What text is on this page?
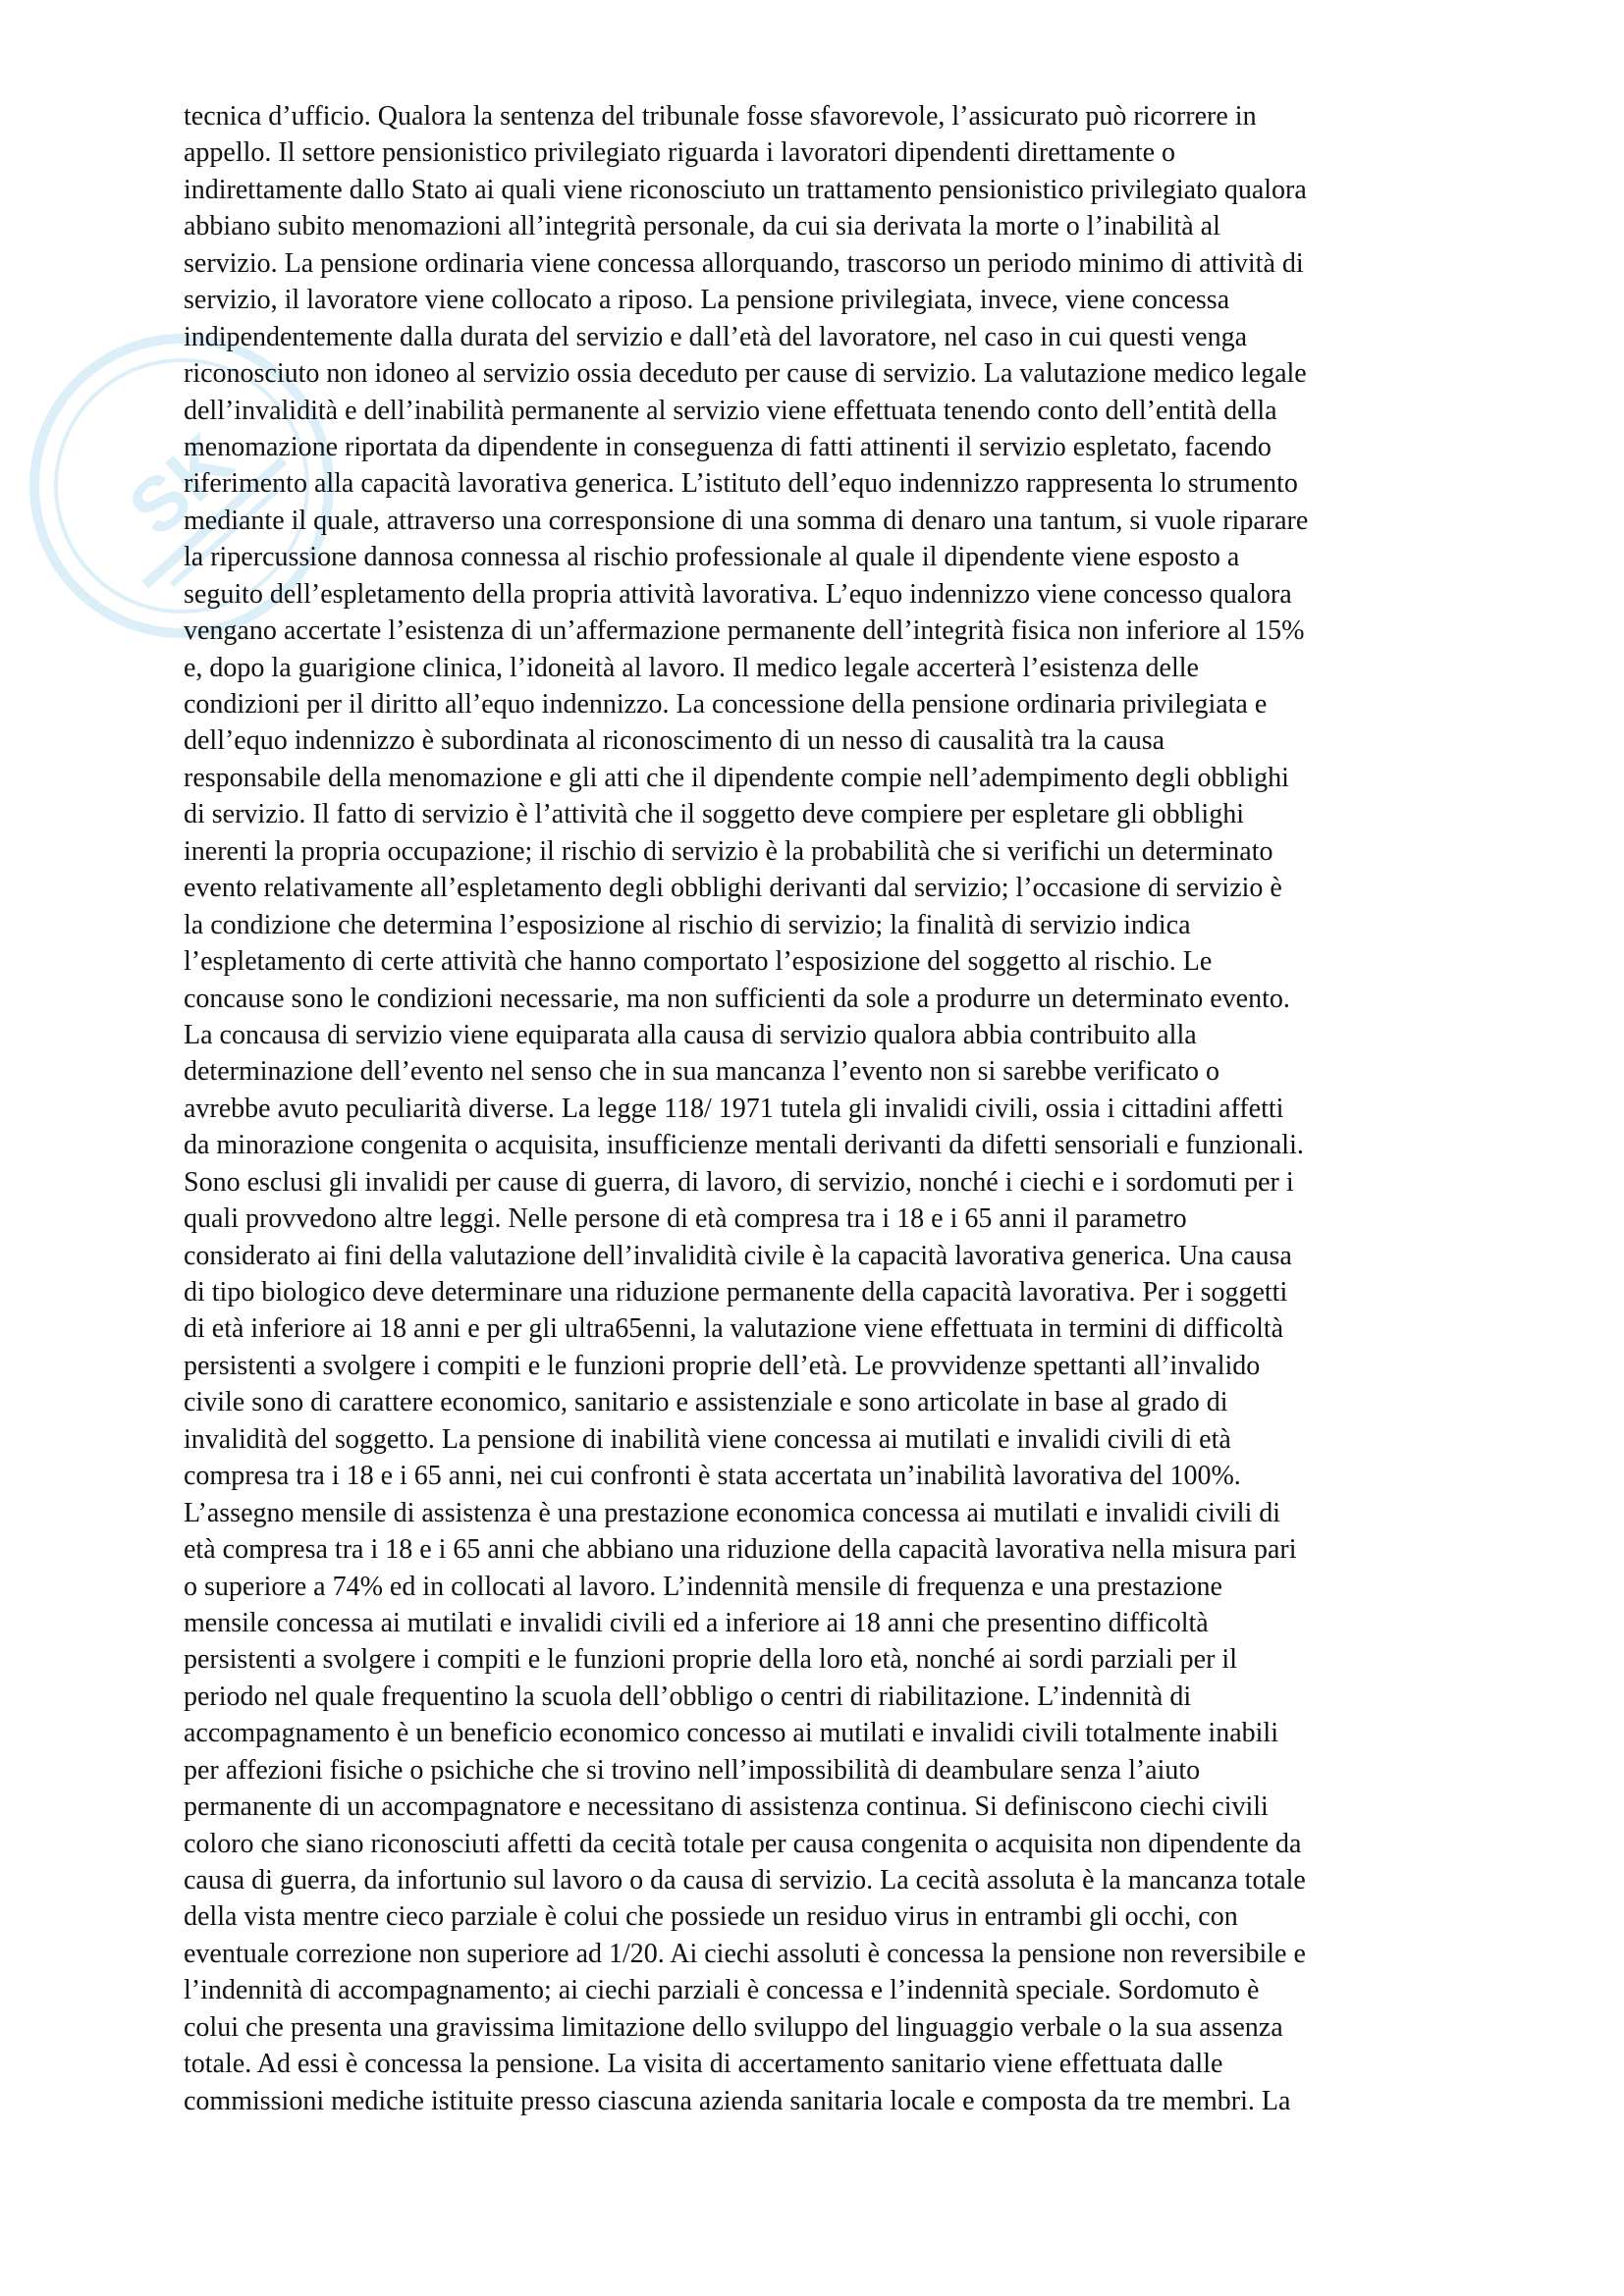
SK
tecnica d’ufficio. Qualora la sentenza del tribunale fosse sfavorevole, l’assicurato può ricorrere in
appello. Il settore pensionistico privilegiato riguarda i lavoratori dipendenti direttamente o
indirettamente dallo Stato ai quali viene riconosciuto un trattamento pensionistico privilegiato qualora
abbiano subito menomazioni all’integrità personale, da cui sia derivata la morte o l’inabilità al
servizio. La pensione ordinaria viene concessa allorquando, trascorso un periodo minimo di attività di
servizio, il lavoratore viene collocato a riposo. La pensione privilegiata, invece, viene concessa
indipendentemente dalla durata del servizio e dall’età del lavoratore, nel caso in cui questi venga
riconosciuto non idoneo al servizio ossia deceduto per cause di servizio. La valutazione medico legale
dell’invalidità e dell’inabilità permanente al servizio viene effettuata tenendo conto dell’entità della
menomazione riportata da dipendente in conseguenza di fatti attinenti il servizio espletato, facendo
riferimento alla capacità lavorativa generica. L’istituto dell’equo indennizzo rappresenta lo strumento
mediante il quale, attraverso una corresponsione di una somma di denaro una tantum, si vuole riparare
la ripercussione dannosa connessa al rischio professionale al quale il dipendente viene esposto a
seguito dell’espletamento della propria attività lavorativa. L’equo indennizzo viene concesso qualora
vengano accertate l’esistenza di un’affermazione permanente dell’integrità fisica non inferiore al 15%
e, dopo la guarigione clinica, l’idoneità al lavoro. Il medico legale accerterà l’esistenza delle
condizioni per il diritto all’equo indennizzo. La concessione della pensione ordinaria privilegiata e
dell’equo indennizzo è subordinata al riconoscimento di un nesso di causalità tra la causa
responsabile della menomazione e gli atti che il dipendente compie nell’adempimento degli obblighi
di servizio. Il fatto di servizio è l’attività che il soggetto deve compiere per espletare gli obblighi
inerenti la propria occupazione; il rischio di servizio è la probabilità che si verifichi un determinato
evento relativamente all’espletamento degli obblighi derivanti dal servizio; l’occasione di servizio è
la condizione che determina l’esposizione al rischio di servizio; la finalità di servizio indica
l’espletamento di certe attività che hanno comportato l’esposizione del soggetto al rischio. Le
concause sono le condizioni necessarie, ma non sufficienti da sole a produrre un determinato evento.
La concausa di servizio viene equiparata alla causa di servizio qualora abbia contribuito alla
determinazione dell’evento nel senso che in sua mancanza l’evento non si sarebbe verificato o
avrebbe avuto peculiarità diverse. La legge 118/ 1971 tutela gli invalidi civili, ossia i cittadini affetti
da minorazione congenita o acquisita, insufficienze mentali derivanti da difetti sensoriali e funzionali.
Sono esclusi gli invalidi per cause di guerra, di lavoro, di servizio, nonché i ciechi e i sordomuti per i
quali provvedono altre leggi. Nelle persone di età compresa tra i 18 e i 65 anni il parametro
considerato ai fini della valutazione dell’invalidità civile è la capacità lavorativa generica. Una causa
di tipo biologico deve determinare una riduzione permanente della capacità lavorativa. Per i soggetti
di età inferiore ai 18 anni e per gli ultra65enni, la valutazione viene effettuata in termini di difficoltà
persistenti a svolgere i compiti e le funzioni proprie dell’età. Le provvidenze spettanti all’invalido
civile sono di carattere economico, sanitario e assistenziale e sono articolate in base al grado di
invalidità del soggetto. La pensione di inabilità viene concessa ai mutilati e invalidi civili di età
compresa tra i 18 e i 65 anni, nei cui confronti è stata accertata un’inabilità lavorativa del 100%.
L’assegno mensile di assistenza è una prestazione economica concessa ai mutilati e invalidi civili di
età compresa tra i 18 e i 65 anni che abbiano una riduzione della capacità lavorativa nella misura pari
o superiore a 74% ed in collocati al lavoro. L’indennità mensile di frequenza e una prestazione
mensile concessa ai mutilati e invalidi civili ed a inferiore ai 18 anni che presentino difficoltà
persistenti a svolgere i compiti e le funzioni proprie della loro età, nonché ai sordi parziali per il
periodo nel quale frequentino la scuola dell’obbligo o centri di riabilitazione. L’indennità di
accompagnamento è un beneficio economico concesso ai mutilati e invalidi civili totalmente inabili
per affezioni fisiche o psichiche che si trovino nell’impossibilità di deambulare senza l’aiuto
permanente di un accompagnatore e necessitano di assistenza continua. Si definiscono ciechi civili
coloro che siano riconosciuti affetti da cecità totale per causa congenita o acquisita non dipendente da
causa di guerra, da infortunio sul lavoro o da causa di servizio. La cecità assoluta è la mancanza totale
della vista mentre cieco parziale è colui che possiede un residuo virus in entrambi gli occhi, con
eventuale correzione non superiore ad 1/20. Ai ciechi assoluti è concessa la pensione non reversibile e
l’indennità di accompagnamento; ai ciechi parziali è concessa e l’indennità speciale. Sordomuto è
colui che presenta una gravissima limitazione dello sviluppo del linguaggio verbale o la sua assenza
totale. Ad essi è concessa la pensione. La visita di accertamento sanitario viene effettuata dalle
commissioni mediche istituite presso ciascuna azienda sanitaria locale e composta da tre membri. La
